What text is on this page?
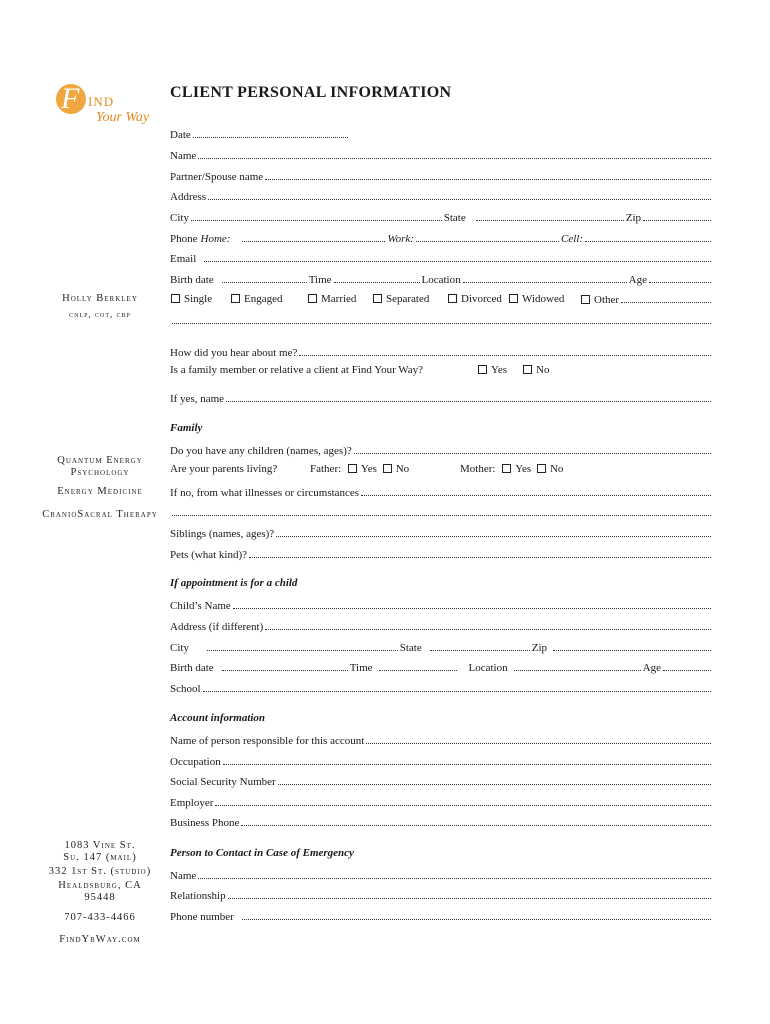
F IND
Your Way
Holly Berkley
cnlp, cot, cbp
Quantum Energy Psychology
Energy Medicine
CranioSacral Therapy
1083 Vine St.
Su. 147 (mail)
332 1st St. (studio)
Healdsburg, CA
95448
707-433-4466
FindYrWay.com
CLIENT PERSONAL INFORMATION
Date
Name
Partner/Spouse name
Address
City	State	Zip
Phone Home:	Work:	Cell:
Email
Birth date	Time	Location	Age
Single	Engaged	Married	Separated	Divorced	Widowed	Other
How did you hear about me?
Is a family member or relative a client at Find Your Way?	Yes	No
If yes, name
Family
Do you have any children (names, ages)?
Are your parents living?	Father: Yes No	Mother: Yes No
If no, from what illnesses or circumstances
Siblings (names, ages)?
Pets (what kind)?
If appointment is for a child
Child’s Name
Address (if different)
City	State	Zip
Birth date	Time	Location	Age
School
Account information
Name of person responsible for this account
Occupation
Social Security Number
Employer
Business Phone
Person to Contact in Case of Emergency
Name
Relationship
Phone number
